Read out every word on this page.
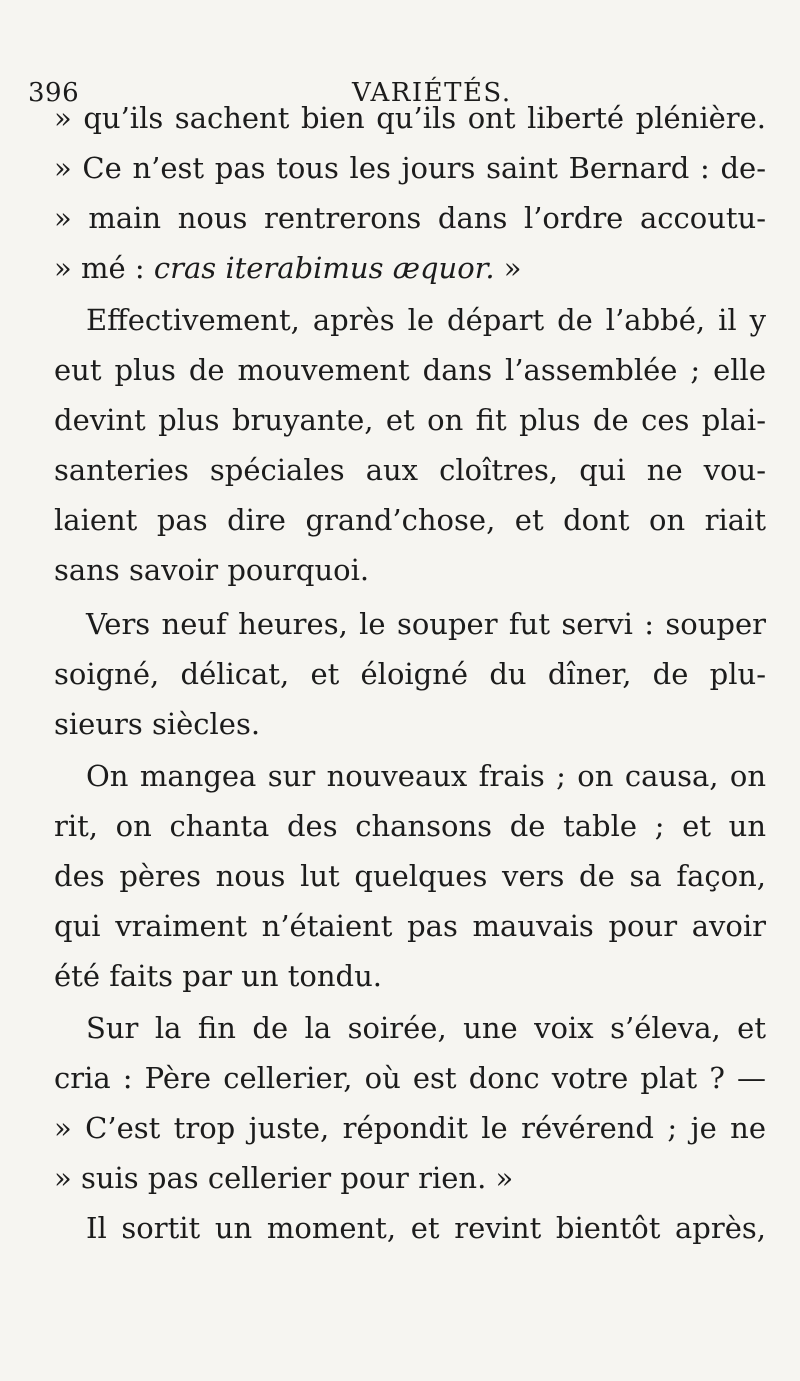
396	VARIÉTÉS.
» qu’ils sachent bien qu’ils ont liberté plénière.
» Ce n’est pas tous les jours saint Bernard : de-
» main nous rentrerons dans l’ordre accoutu-
» mé : cras iterabimus æquor. »
Effectivement, après le départ de l’abbé, il y
eut plus de mouvement dans l’assemblée ; elle
devint plus bruyante, et on fit plus de ces plai-
santeries spéciales aux cloîtres, qui ne vou-
laient pas dire grand’chose, et dont on riait
sans savoir pourquoi.
Vers neuf heures, le souper fut servi : souper
soigné, délicat, et éloigné du dîner, de plu-
sieurs siècles.
On mangea sur nouveaux frais ; on causa, on
rit, on chanta des chansons de table ; et un
des pères nous lut quelques vers de sa façon,
qui vraiment n’étaient pas mauvais pour avoir
été faits par un tondu.
Sur la fin de la soirée, une voix s’éleva, et
cria : Père cellerier, où est donc votre plat ? —
» C’est trop juste, répondit le révérend ; je ne
» suis pas cellerier pour rien. »
Il sortit un moment, et revint bientôt après,
